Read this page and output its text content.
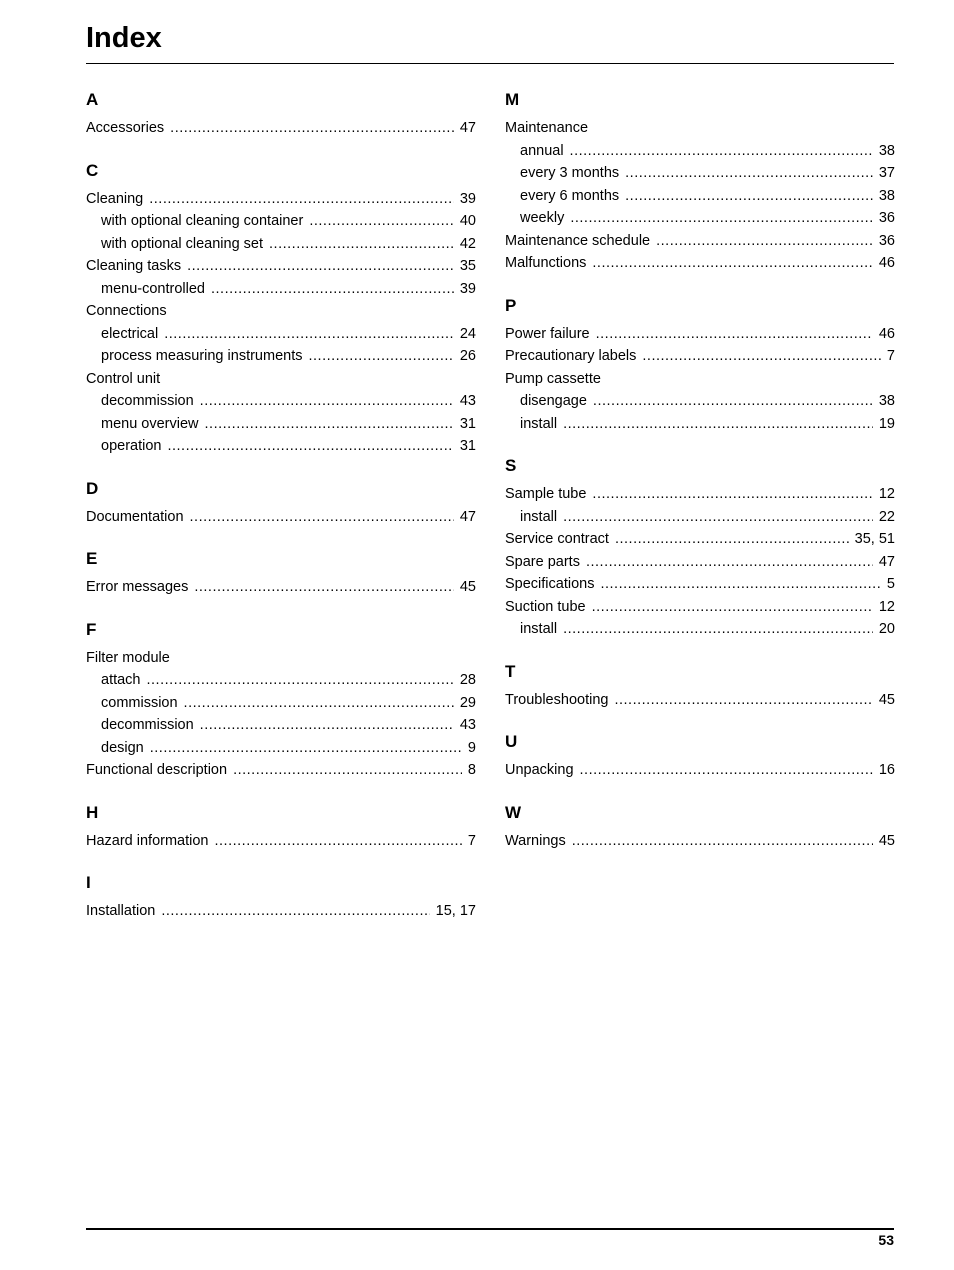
Index
A
Accessories .....	47
C
Cleaning .....	39
with optional cleaning container .....	40
with optional cleaning set .....	42
Cleaning tasks .....	35
menu-controlled .....	39
Connections
electrical .....	24
process measuring instruments .....	26
Control unit
decommission .....	43
menu overview .....	31
operation .....	31
D
Documentation .....	47
E
Error messages .....	45
F
Filter module
attach .....	28
commission .....	29
decommission .....	43
design .....	9
Functional description .....	8
H
Hazard information .....	7
I
Installation .....	15, 17
M
Maintenance
annual .....	38
every 3 months .....	37
every 6 months .....	38
weekly .....	36
Maintenance schedule .....	36
Malfunctions .....	46
P
Power failure .....	46
Precautionary labels .....	7
Pump cassette
disengage .....	38
install .....	19
S
Sample tube .....	12
install .....	22
Service contract .....	35, 51
Spare parts .....	47
Specifications .....	5
Suction tube .....	12
install .....	20
T
Troubleshooting .....	45
U
Unpacking .....	16
W
Warnings .....	45
53
